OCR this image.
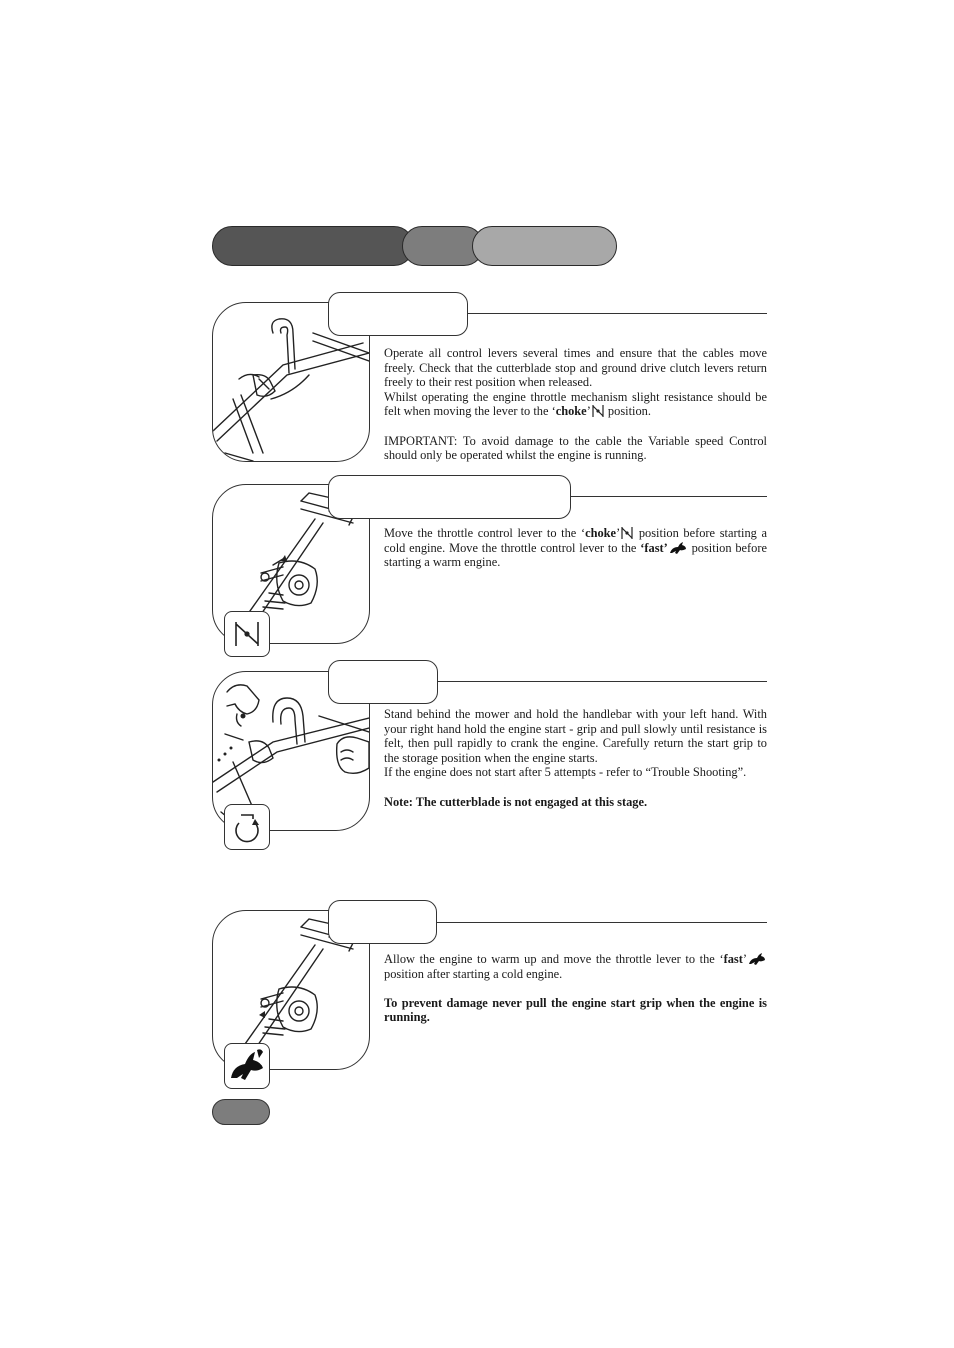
Operate all control levers several times and ensure that the cables move freely. Check that the cutterblade stop and ground drive clutch levers return freely to their rest position when released.

Whilst operating the engine throttle mechanism slight resistance should be felt when moving the lever to the ‘choke’
position.

IMPORTANT: To avoid damage to the cable the Variable speed Control should only be operated whilst the engine is running.

Move the throttle control lever to the ‘choke’
position before starting a cold engine. Move the throttle control lever to the ‘fast’
position before starting a warm engine.

Stand behind the mower and hold the handlebar with your left hand. With your right hand hold the engine start - grip and pull slowly until resistance is felt, then pull rapidly to crank the engine. Carefully return the start grip to the storage position when the engine starts.

If the engine does not start after 5 attempts - refer to “Trouble Shooting”.

Note: The cutterblade is not engaged at this stage.

Allow the engine to warm up and move the throttle lever to the ‘fast’
position after starting a cold engine.

To prevent damage never pull the engine start grip when the engine is running.
